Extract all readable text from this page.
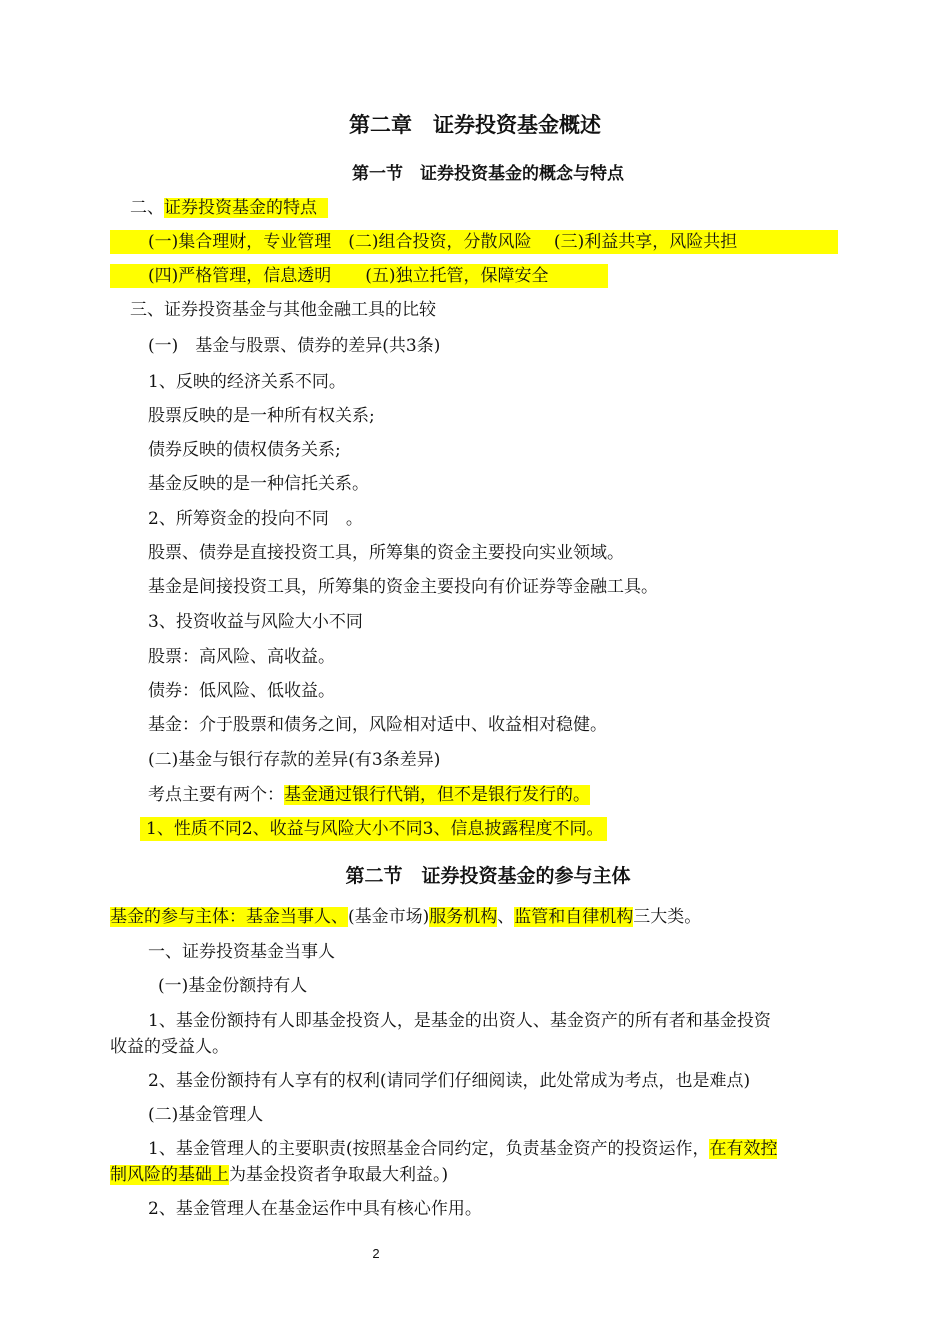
第二章　证券投资基金概述
第一节　证券投资基金的概念与特点
二、证券投资基金的特点
(一)集合理财，专业管理　(二)组合投资，分散风险　 (三)利益共享，风险共担
(四)严格管理，信息透明　　(五)独立托管，保障安全
三、证券投资基金与其他金融工具的比较
(一)　基金与股票、债券的差异(共3条)
1、反映的经济关系不同。
股票反映的是一种所有权关系;
债券反映的债权债务关系;
基金反映的是一种信托关系。
2、所筹资金的投向不同　。
股票、债券是直接投资工具，所筹集的资金主要投向实业领域。
基金是间接投资工具，所筹集的资金主要投向有价证券等金融工具。
3、投资收益与风险大小不同
股票：高风险、高收益。
债券：低风险、低收益。
基金：介于股票和债务之间，风险相对适中、收益相对稳健。
(二)基金与银行存款的差异(有3条差异)
考点主要有两个：基金通过银行代销，但不是银行发行的。
1、性质不同2、收益与风险大小不同3、信息披露程度不同。
第二节　证券投资基金的参与主体
基金的参与主体：基金当事人、(基金市场)服务机构、监管和自律机构三大类。
一、证券投资基金当事人
(一)基金份额持有人
1、基金份额持有人即基金投资人，是基金的出资人、基金资产的所有者和基金投资
收益的受益人。
2、基金份额持有人享有的权利(请同学们仔细阅读，此处常成为考点，也是难点)
(二)基金管理人
1、基金管理人的主要职责(按照基金合同约定，负责基金资产的投资运作，在有效控
制风险的基础上为基金投资者争取最大利益。)
2、基金管理人在基金运作中具有核心作用。
2
